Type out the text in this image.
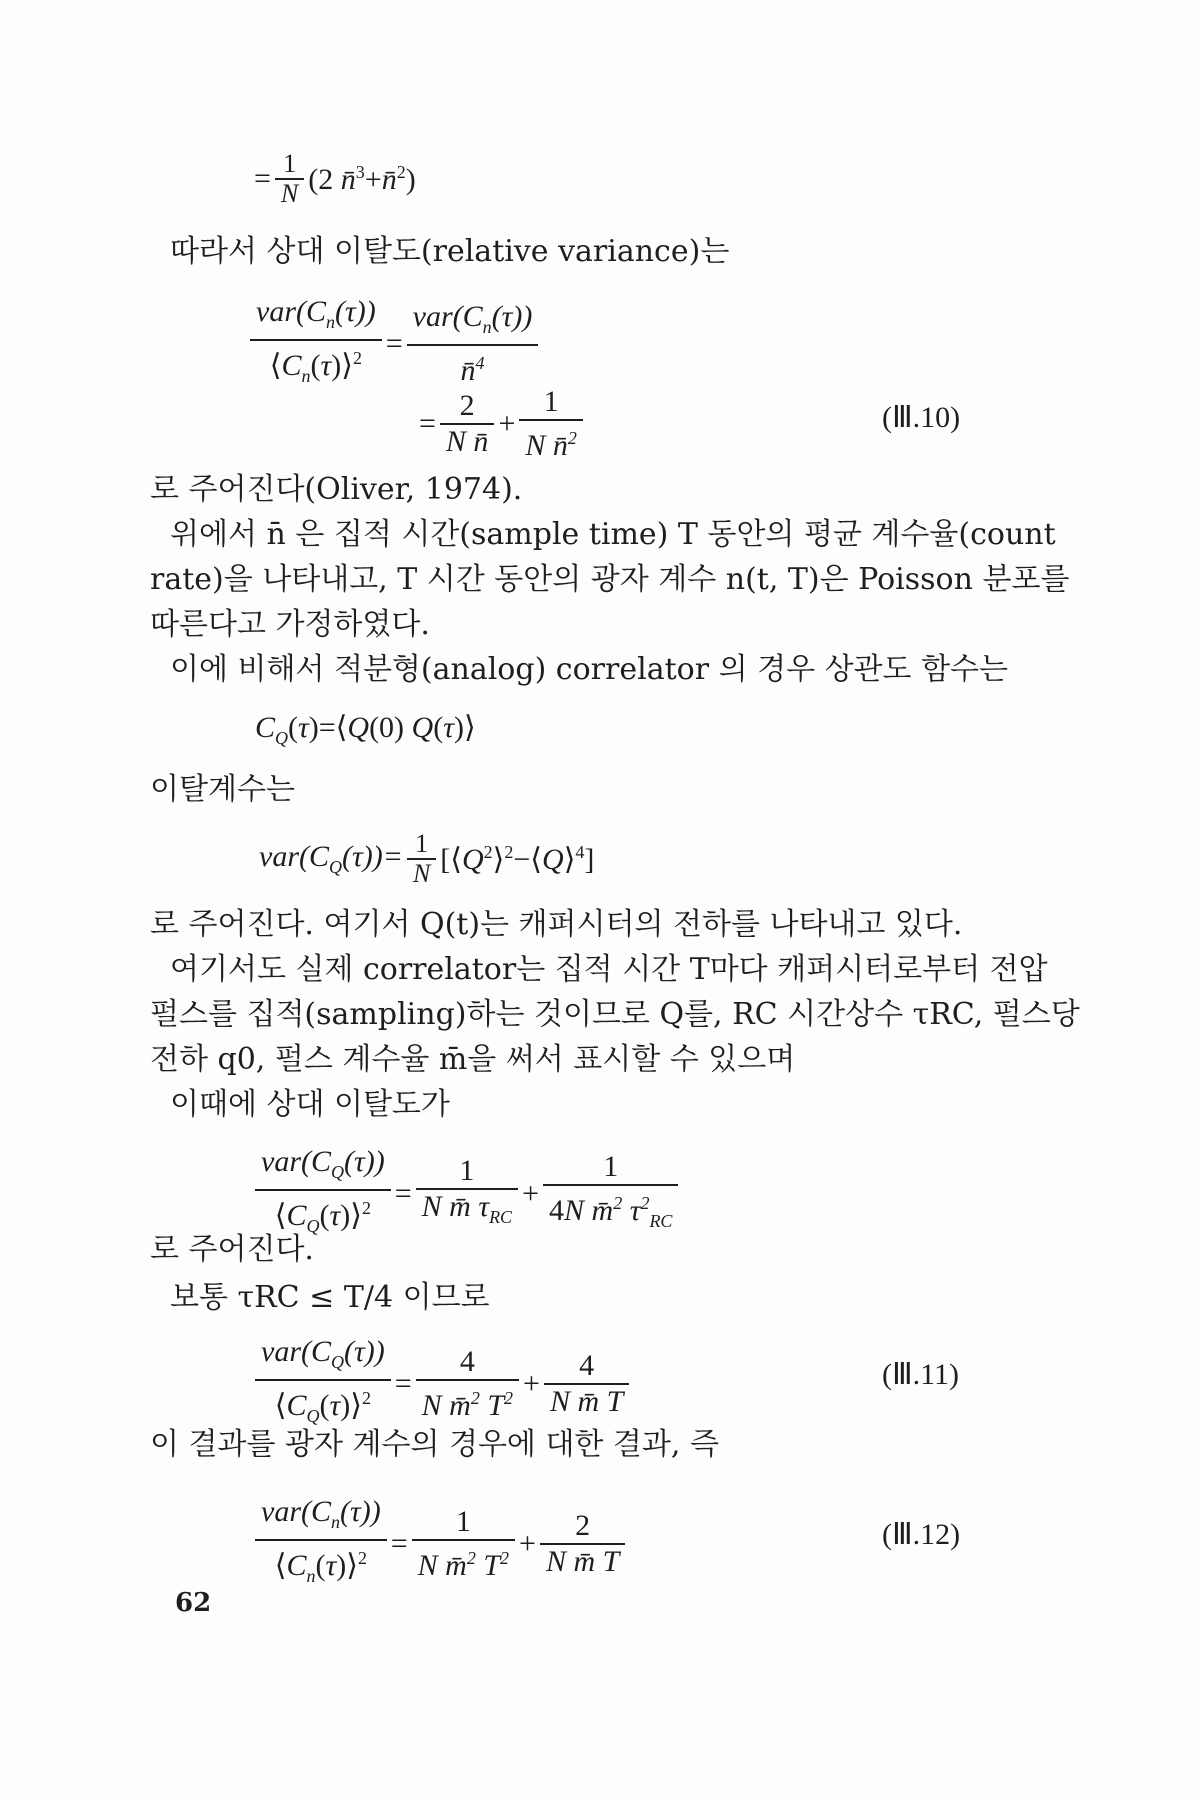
= $\frac{1}{N} (2$ n̄$^3$+n̄$^2$)
따라서 상대 이탈도(relative variance)는
$\frac{var(C_n(\tau))}{⟨C_n(\tau)⟩^2} = \frac{var(C_n(\tau))}{n̄^4}$
= $\frac{2}{\text{N n̄}} + \frac{1}{N n̄^2}$	(Ⅲ.10)
로 주어진다(Oliver, 1974).
위에서 n̄ 은 집적 시간(sample time) T 동안의 평균 계수율(count
rate)을 나타내고, T 시간 동안의 광자 계수 n(t, T)은 Poisson 분포를
따른다고 가정하였다.
이에 비해서 적분형(analog) correlator 의 경우 상관도 함수는
$C_Q(\tau)=⟨Q(0)$ Q(τ)⟩
이탈계수는
$var(C_Q(\tau))= \frac{1}{N}$ $[⟨Q^2⟩^2-⟨Q⟩^4]$
로 주어진다. 여기서 Q(t)는 캐퍼시터의 전하를 나타내고 있다.
여기서도 실제 correlator는 집적 시간 T마다 캐퍼시터로부터 전압
펄스를 집적(sampling)하는 것이므로 Q를, RC 시간상수 τRC, 펄스당
전하 q0, 펄스 계수율 m̄을 써서 표시할 수 있으며
이때에 상대 이탈도가
$\frac{var(C_Q(\tau))}{⟨C_Q(\tau)⟩^2} = \frac{1}{N m̄ \tau_{RC}} + \frac{1}{4N m̄^2 \tau^2_{RC}}$
로 주어진다.
보통 τRC ≤ T/4 이므로
$\frac{var(C_Q(\tau))}{⟨C_Q(\tau)⟩^2} = \frac{4}{N m̄^2 T^2} + \frac{4}{\text{N m̄ T}}$	(Ⅲ.11)
이 결과를 광자 계수의 경우에 대한 결과, 즉
$\frac{var(C_n(\tau))}{⟨C_n(\tau)⟩^2} = \frac{1}{N m̄^2 T^2} + \frac{2}{\text{N m̄ T}}$	(Ⅲ.12)
62
